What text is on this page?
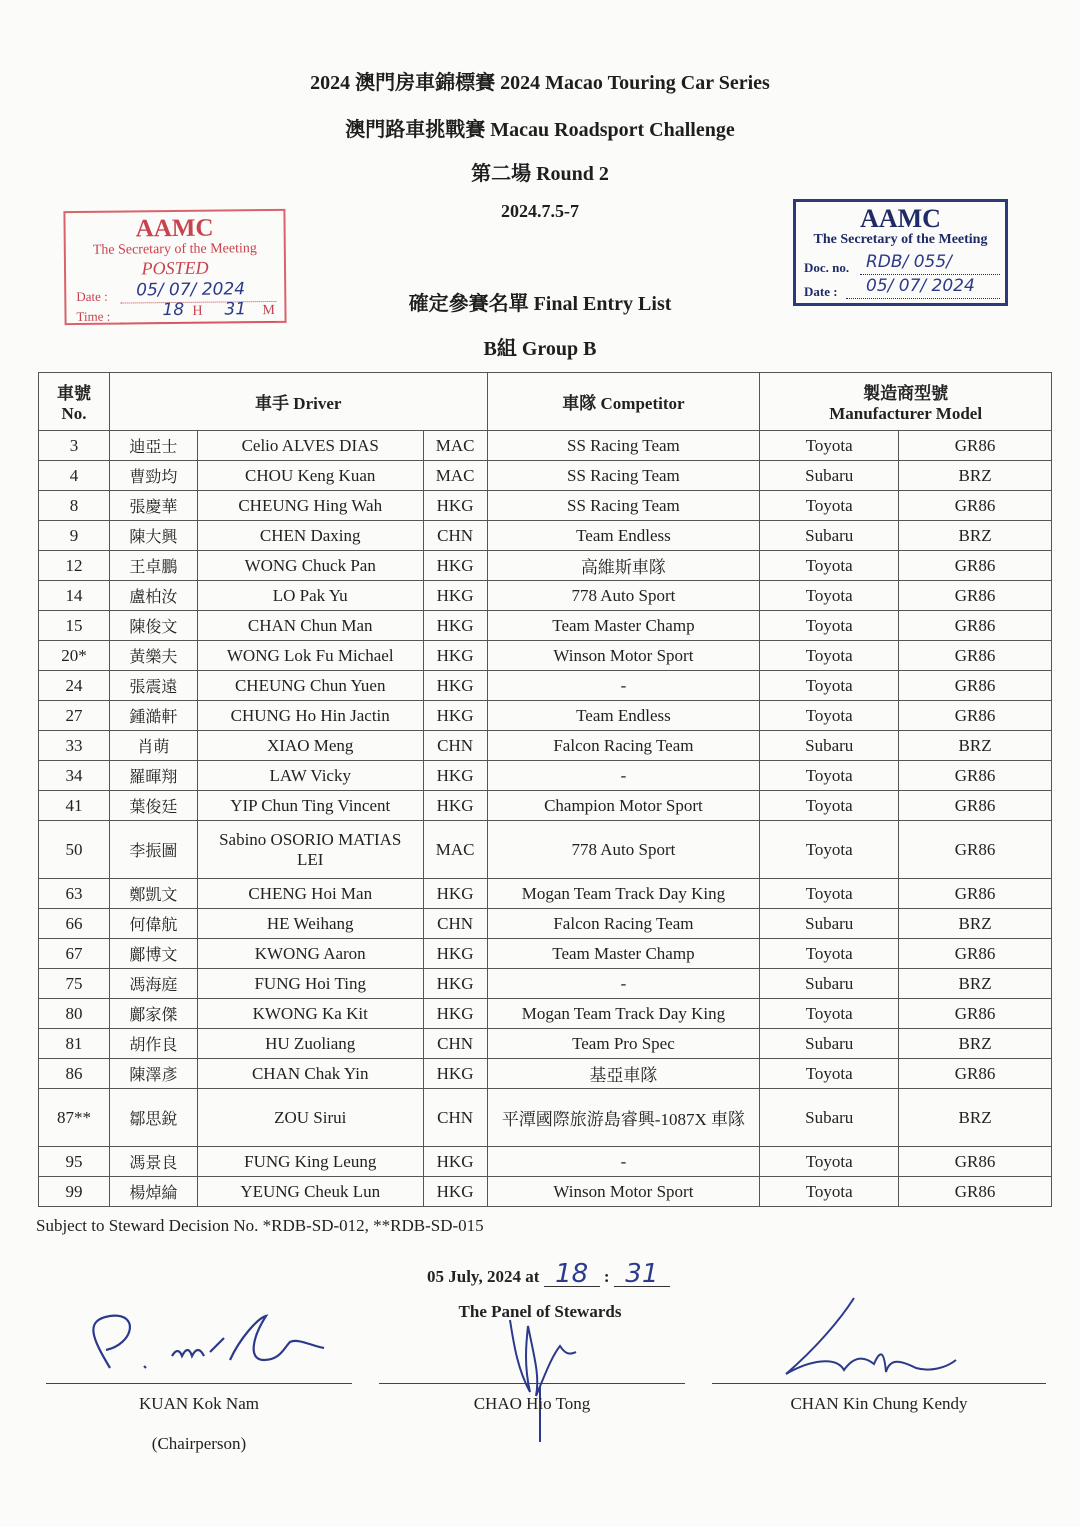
2024 澳門房車錦標賽 2024 Macao Touring Car Series
澳門路車挑戰賽 Macau Roadsport Challenge
第二場 Round 2
2024.7.5-7
確定參賽名單 Final Entry List
B組 Group B
AAMC
The Secretary of the Meeting
POSTED
Date : 05/ 07/ 2024
Time :	18 H 31 M
AAMC
The Secretary of the Meeting
Doc. no. RDB/ 055/
Date : 05/ 07/ 2024
車號
No.	車手 Driver			車隊 Competitor	製造商型號
Manufacturer Model	
3	迪亞士	Celio ALVES DIAS	MAC	SS Racing Team	Toyota	GR86
4	曹勁均	CHOU Keng Kuan	MAC	SS Racing Team	Subaru	BRZ
8	張慶華	CHEUNG Hing Wah	HKG	SS Racing Team	Toyota	GR86
9	陳大興	CHEN Daxing	CHN	Team Endless	Subaru	BRZ
12	王卓鵬	WONG Chuck Pan	HKG	高維斯車隊	Toyota	GR86
14	盧柏汝	LO Pak Yu	HKG	778 Auto Sport	Toyota	GR86
15	陳俊文	CHAN Chun Man	HKG	Team Master Champ	Toyota	GR86
20*	黃樂夫	WONG Lok Fu Michael	HKG	Winson Motor Sport	Toyota	GR86
24	張震遠	CHEUNG Chun Yuen	HKG	-	Toyota	GR86
27	鍾澔軒	CHUNG Ho Hin Jactin	HKG	Team Endless	Toyota	GR86
33	肖萌	XIAO Meng	CHN	Falcon Racing Team	Subaru	BRZ
34	羅暉翔	LAW Vicky	HKG	-	Toyota	GR86
41	葉俊廷	YIP Chun Ting Vincent	HKG	Champion Motor Sport	Toyota	GR86
50	李振圖	Sabino OSORIO MATIAS LEI	MAC	778 Auto Sport	Toyota	GR86
63	鄭凱文	CHENG Hoi Man	HKG	Mogan Team Track Day King	Toyota	GR86
66	何偉航	HE Weihang	CHN	Falcon Racing Team	Subaru	BRZ
67	鄺博文	KWONG Aaron	HKG	Team Master Champ	Toyota	GR86
75	馮海庭	FUNG Hoi Ting	HKG	-	Subaru	BRZ
80	鄺家傑	KWONG Ka Kit	HKG	Mogan Team Track Day King	Toyota	GR86
81	胡作良	HU Zuoliang	CHN	Team Pro Spec	Subaru	BRZ
86	陳澤彥	CHAN Chak Yin	HKG	基亞車隊	Toyota	GR86
87**	鄒思銳	ZOU Sirui	CHN	平潭國際旅游島睿興-1087X 車隊	Subaru	BRZ
95	馮景良	FUNG King Leung	HKG	-	Toyota	GR86
99	楊焯綸	YEUNG Cheuk Lun	HKG	Winson Motor Sport	Toyota	GR86
Subject to Steward Decision No. *RDB-SD-012, **RDB-SD-015
05 July, 2024 at 18 : 31
The Panel of Stewards
KUAN Kok Nam
(Chairperson)
CHAO Hio Tong	CHAN Kin Chung Kendy
